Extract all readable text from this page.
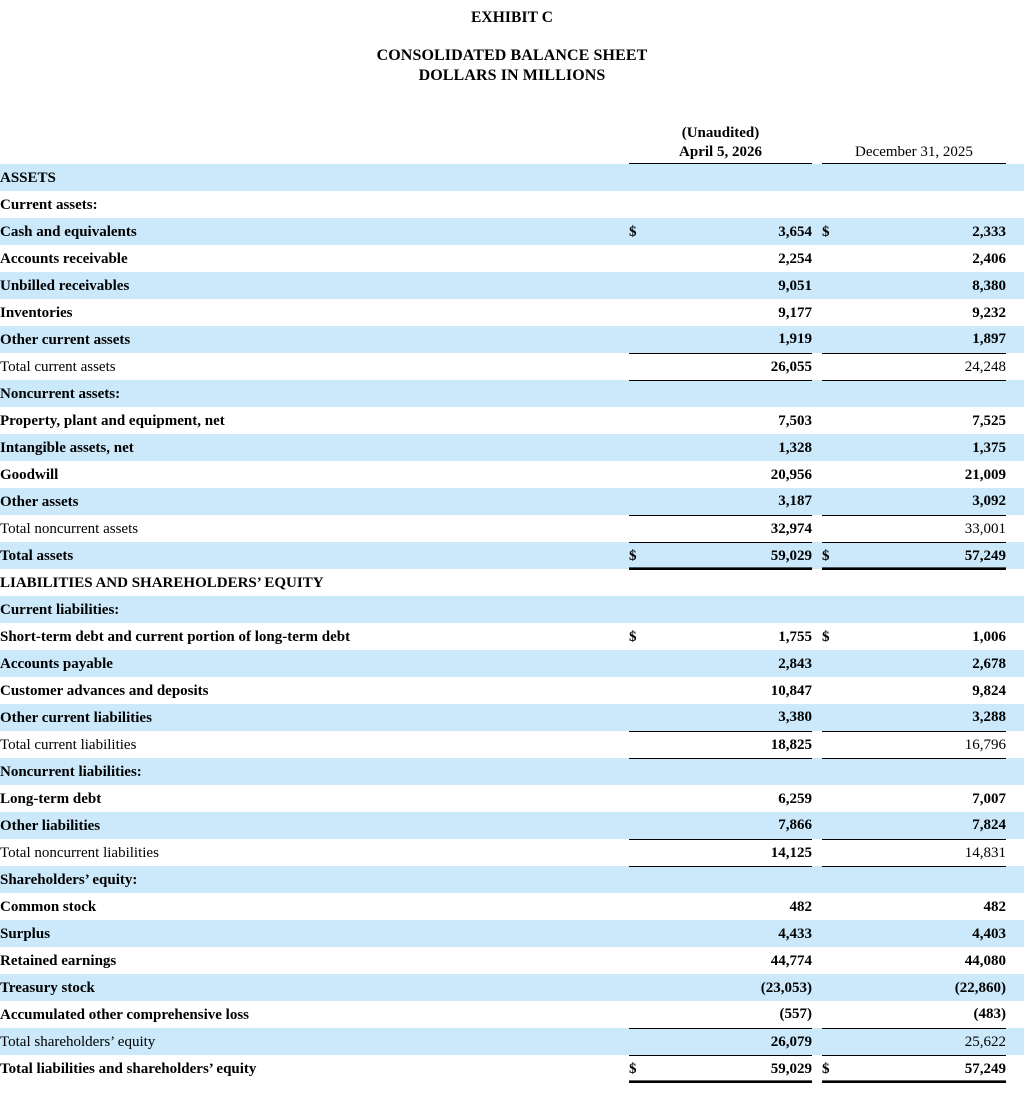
EXHIBIT C
CONSOLIDATED BALANCE SHEET
DOLLARS IN MILLIONS
(Unaudited)
April 5, 2026	December 31, 2025
ASSETS						
Current assets:						
Cash and equivalents	$	3,654		$	2,333	
Accounts receivable		2,254			2,406	
Unbilled receivables		9,051			8,380	
Inventories		9,177			9,232	
Other current assets		1,919			1,897	
Total current assets		26,055			24,248	
Noncurrent assets:						
Property, plant and equipment, net		7,503			7,525	
Intangible assets, net		1,328			1,375	
Goodwill		20,956			21,009	
Other assets		3,187			3,092	
Total noncurrent assets		32,974			33,001	
Total assets	$	59,029		$	57,249	
LIABILITIES AND SHAREHOLDERS’ EQUITY						
Current liabilities:						
Short-term debt and current portion of long-term debt	$	1,755		$	1,006	
Accounts payable		2,843			2,678	
Customer advances and deposits		10,847			9,824	
Other current liabilities		3,380			3,288	
Total current liabilities		18,825			16,796	
Noncurrent liabilities:						
Long-term debt		6,259			7,007	
Other liabilities		7,866			7,824	
Total noncurrent liabilities		14,125			14,831	
Shareholders’ equity:						
Common stock		482			482	
Surplus		4,433			4,403	
Retained earnings		44,774			44,080	
Treasury stock		(23,053)			(22,860)	
Accumulated other comprehensive loss		(557)			(483)	
Total shareholders’ equity		26,079			25,622	
Total liabilities and shareholders’ equity	$	59,029		$	57,249	
